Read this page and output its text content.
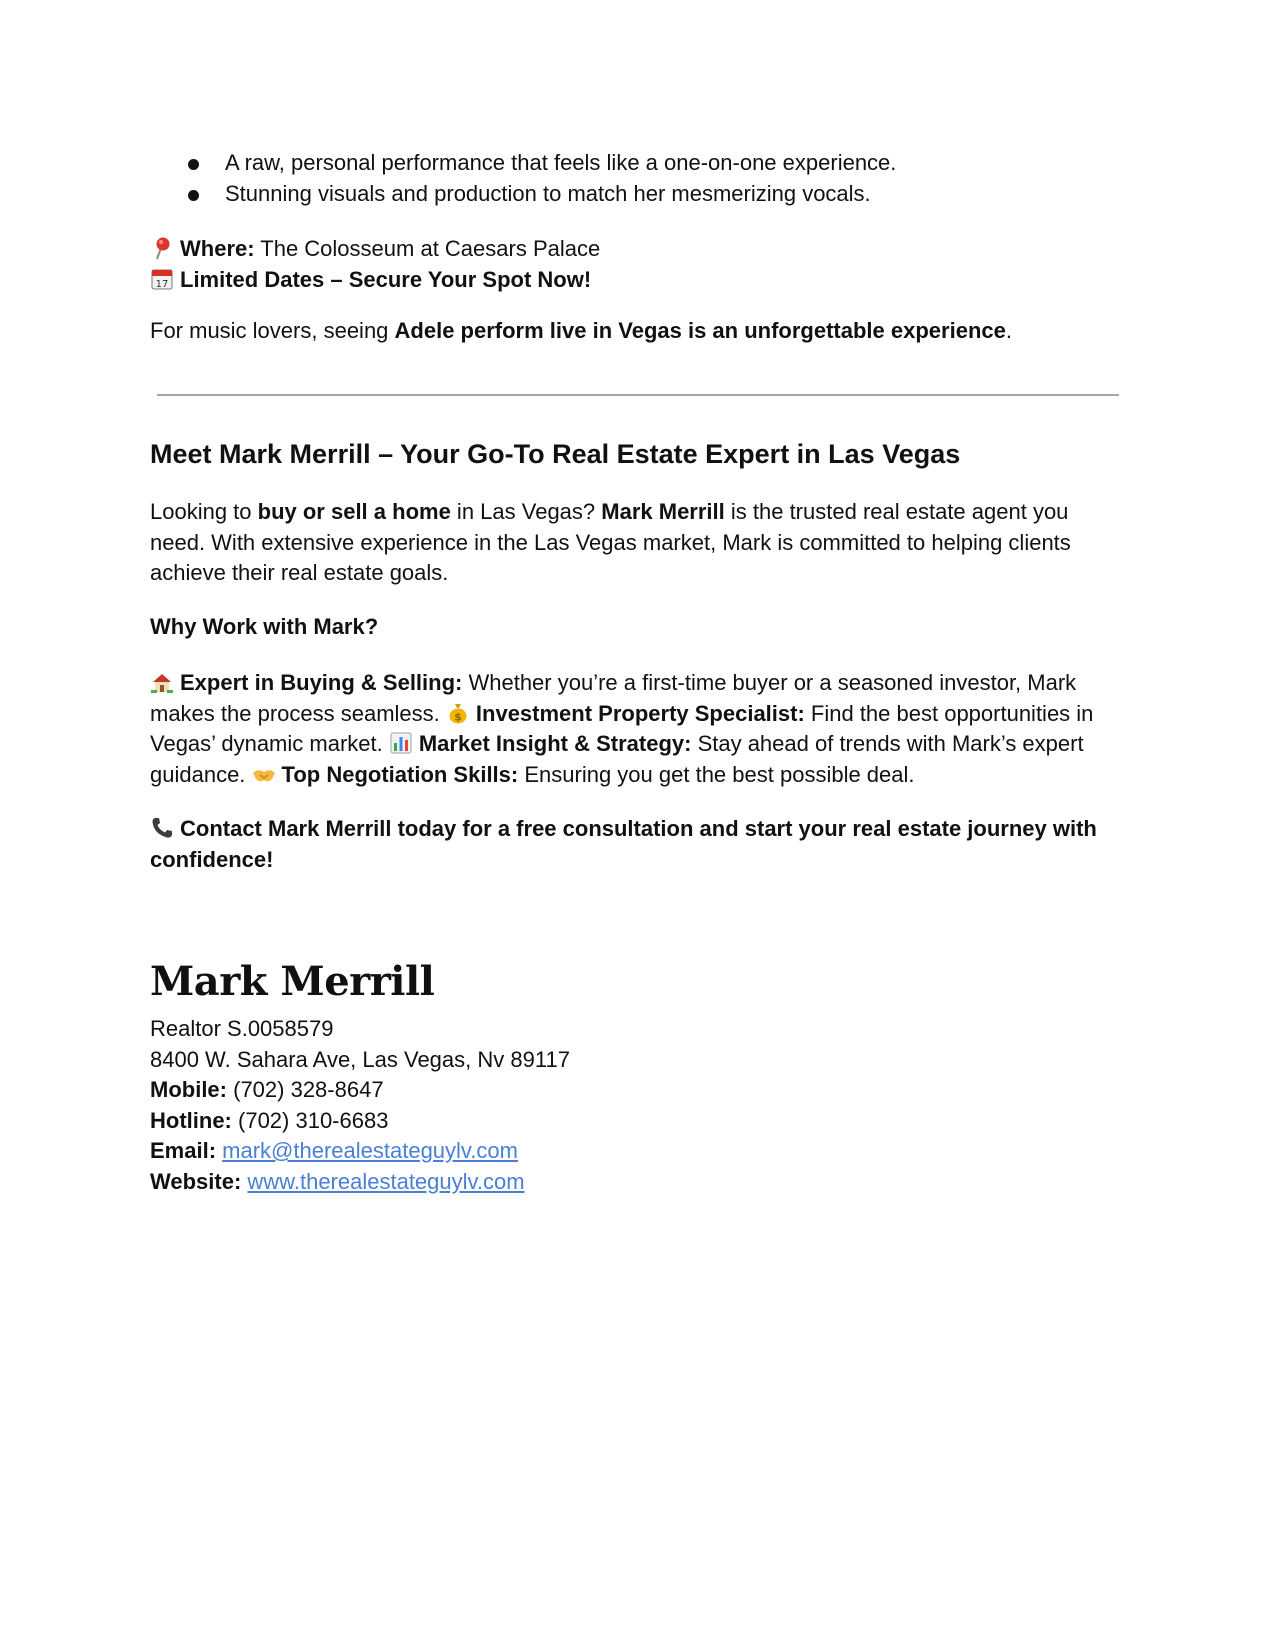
A raw, personal performance that feels like a one-on-one experience.
Stunning visuals and production to match her mesmerizing vocals.
Where: The Colosseum at Caesars Palace
17 Limited Dates – Secure Your Spot Now!
For music lovers, seeing Adele perform live in Vegas is an unforgettable experience.
Meet Mark Merrill – Your Go-To Real Estate Expert in Las Vegas
Looking to buy or sell a home in Las Vegas? Mark Merrill is the trusted real estate agent you need. With extensive experience in the Las Vegas market, Mark is committed to helping clients achieve their real estate goals.
Why Work with Mark?
Expert in Buying & Selling: Whether you’re a first-time buyer or a seasoned investor, Mark makes the process seamless. $ Investment Property Specialist: Find the best opportunities in Vegas’ dynamic market.
Market Insight & Strategy: Stay ahead of trends with Mark’s expert guidance.
Top Negotiation Skills: Ensuring you get the best possible deal.
Contact Mark Merrill today for a free consultation and start your real estate journey with confidence!
Mark Merrill
Realtor S.0058579
8400 W. Sahara Ave, Las Vegas, Nv 89117
Mobile: (702) 328-8647
Hotline: (702) 310-6683
Email: mark@therealestateguylv.com
Website: www.therealestateguylv.com
